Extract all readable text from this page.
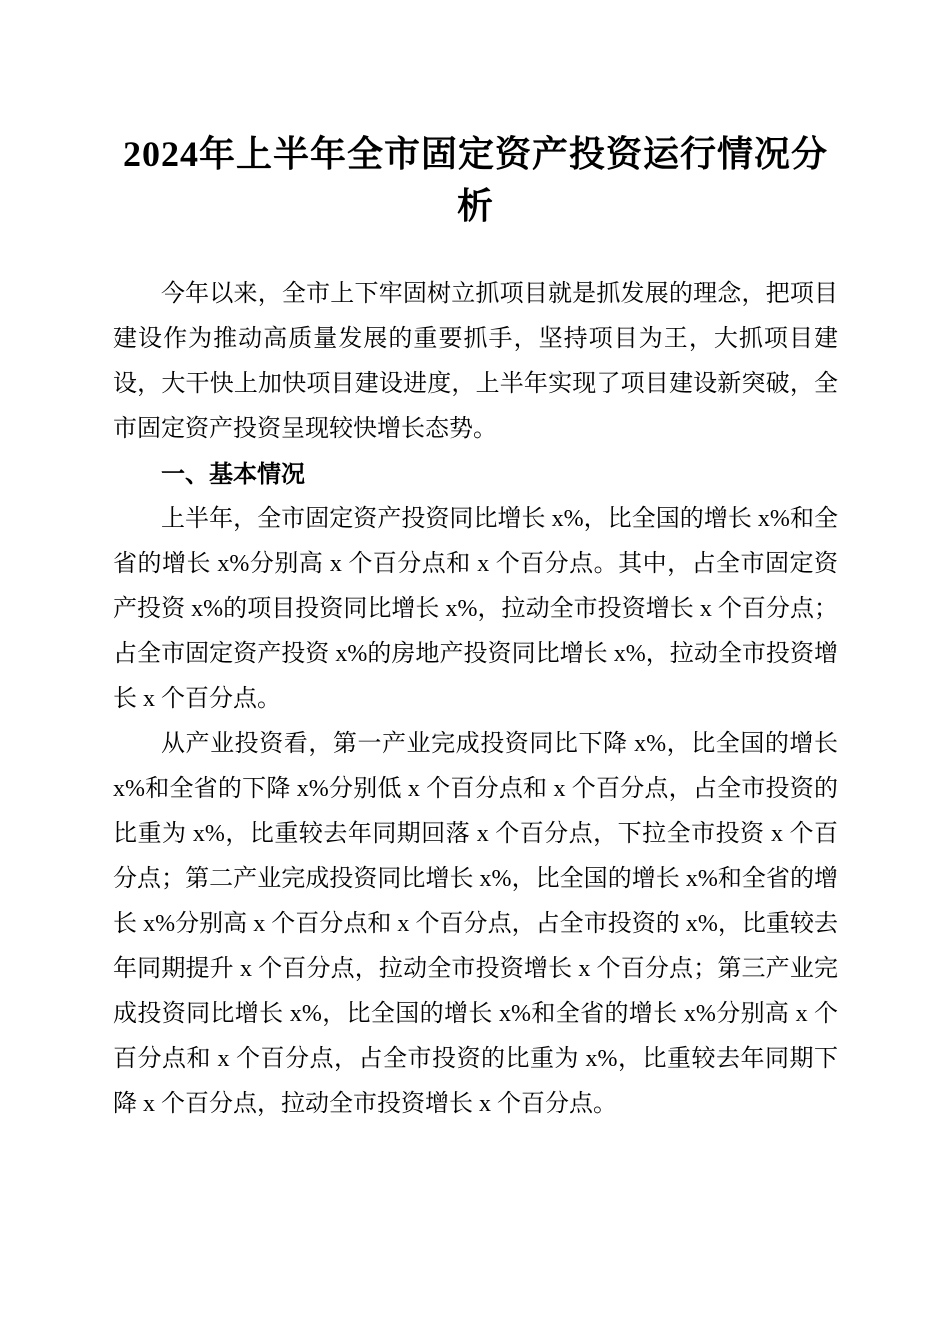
2024年上半年全市固定资产投资运行情况分析

今年以来，全市上下牢固树立抓项目就是抓发展的理念，把项目建设作为推动高质量发展的重要抓手，坚持项目为王，大抓项目建设，大干快上加快项目建设进度，上半年实现了项目建设新突破，全市固定资产投资呈现较快增长态势。

一、基本情况

上半年，全市固定资产投资同比增长 x%，比全国的增长 x%和全省的增长 x%分别高 x 个百分点和 x 个百分点。其中，占全市固定资产投资 x%的项目投资同比增长 x%，拉动全市投资增长 x 个百分点；占全市固定资产投资 x%的房地产投资同比增长 x%，拉动全市投资增长 x 个百分点。

从产业投资看，第一产业完成投资同比下降 x%，比全国的增长 x%和全省的下降 x%分别低 x 个百分点和 x 个百分点，占全市投资的比重为 x%，比重较去年同期回落 x 个百分点，下拉全市投资 x 个百分点；第二产业完成投资同比增长 x%，比全国的增长 x%和全省的增长 x%分别高 x 个百分点和 x 个百分点，占全市投资的 x%，比重较去年同期提升 x 个百分点，拉动全市投资增长 x 个百分点；第三产业完成投资同比增长 x%，比全国的增长 x%和全省的增长 x%分别高 x 个百分点和 x 个百分点，占全市投资的比重为 x%，比重较去年同期下降 x 个百分点，拉动全市投资增长 x 个百分点。
